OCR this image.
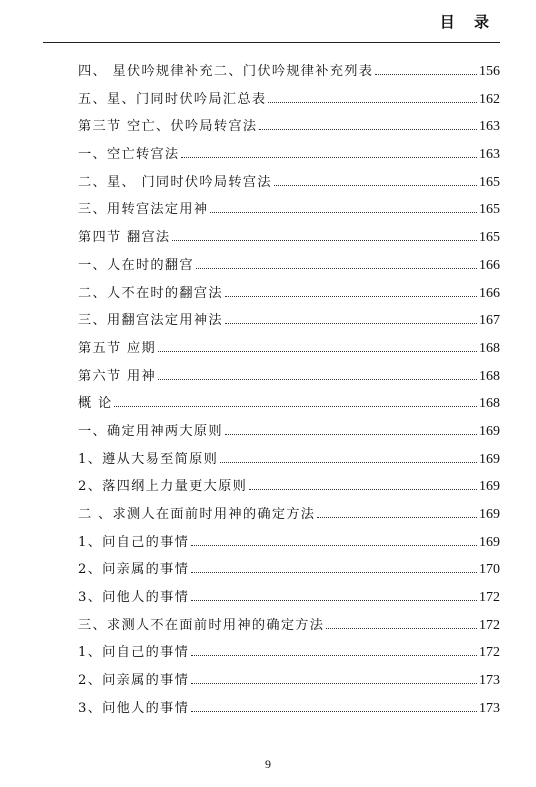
目 录
四、 星伏吟规律补充二、门伏吟规律补充列表	156
五、星、门同时伏吟局汇总表	162
第三节 空亡、伏吟局转宫法	163
一、空亡转宫法	163
二、星、 门同时伏吟局转宫法	165
三、用转宫法定用神	165
第四节 翻宫法	165
一、人在时的翻宫	166
二、人不在时的翻宫法	166
三、用翻宫法定用神法	167
第五节 应期	168
第六节 用神	168
概 论	168
一、确定用神两大原则	169
1、遵从大易至简原则	169
2、落四纲上力量更大原则	169
二 、求测人在面前时用神的确定方法	169
1、问自己的事情	169
2、问亲属的事情	170
3、问他人的事情	172
三、求测人不在面前时用神的确定方法	172
1、问自己的事情	172
2、问亲属的事情	173
3、问他人的事情	173
9
